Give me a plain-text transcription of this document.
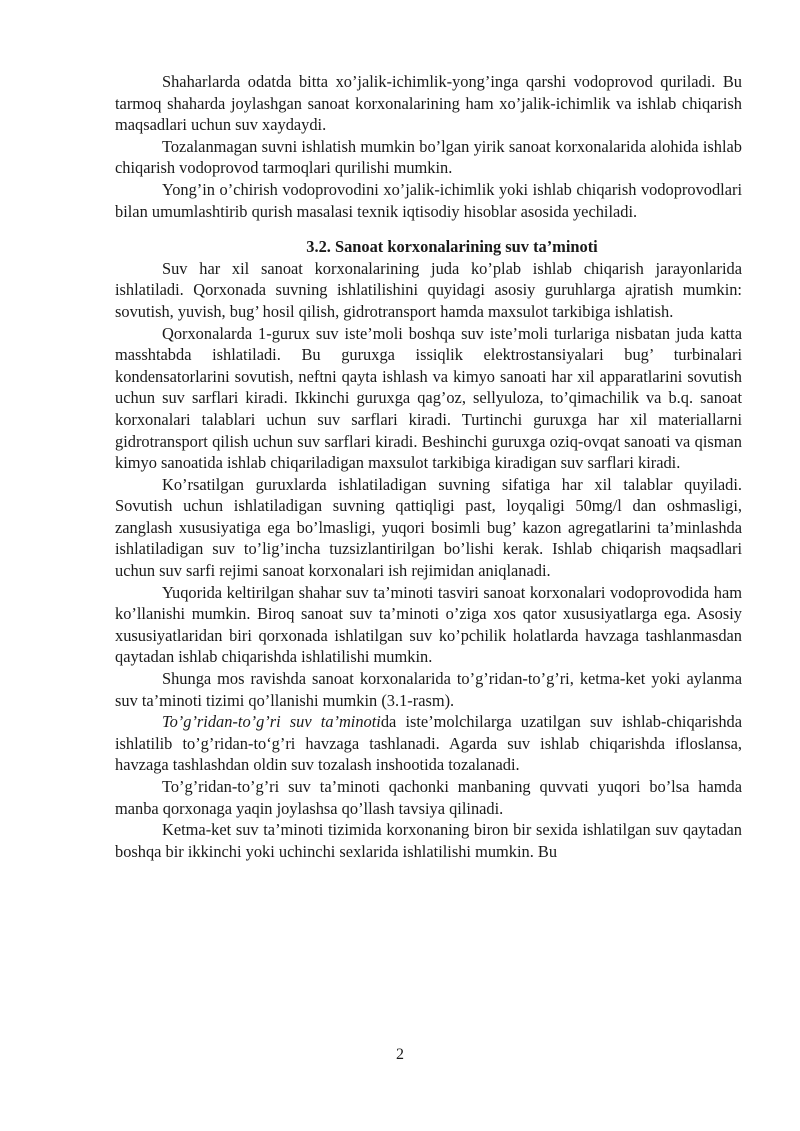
Shaharlarda odatda bitta xo’jalik-ichimlik-yong’inga qarshi vodoprovod quriladi. Bu tarmoq shaharda joylashgan sanoat korxonalarining ham xo’jalik-ichimlik va ishlab chiqarish maqsadlari uchun suv xaydaydi.

Tozalanmagan suvni ishlatish mumkin bo’lgan yirik sanoat korxonalarida alohida ishlab chiqarish vodoprovod tarmoqlari qurilishi mumkin.

Yong’in o’chirish vodoprovodini xo’jalik-ichimlik yoki ishlab chiqarish vodoprovodlari bilan umumlashtirib qurish masalasi texnik iqtisodiy hisoblar asosida yechiladi.

3.2. Sanoat korxonalarining suv ta’minoti

Suv har xil sanoat korxonalarining juda ko’plab ishlab chiqarish jarayonlarida ishlatiladi. Qorxonada suvning ishlatilishini quyidagi asosiy guruhlarga ajratish mumkin: sovutish, yuvish, bug’ hosil qilish, gidrotransport hamda maxsulot tarkibiga ishlatish.

Qorxonalarda 1-gurux suv iste’moli boshqa suv iste’moli turlariga nisbatan juda katta masshtabda ishlatiladi. Bu guruxga issiqlik elektrostansiyalari bug’ turbinalari kondensatorlarini sovutish, neftni qayta ishlash va kimyo sanoati har xil apparatlarini sovutish uchun suv sarflari kiradi. Ikkinchi guruxga qag’oz, sellyuloza, to’qimachilik va b.q. sanoat korxonalari talablari uchun suv sarflari kiradi. Turtinchi guruxga har xil materiallarni gidrotransport qilish uchun suv sarflari kiradi. Beshinchi guruxga oziq-ovqat sanoati va qisman kimyo sanoatida ishlab chiqariladigan maxsulot tarkibiga kiradigan suv sarflari kiradi.

Ko’rsatilgan guruxlarda ishlatiladigan suvning sifatiga har xil talablar quyiladi. Sovutish uchun ishlatiladigan suvning qattiqligi past, loyqaligi 50mg/l dan oshmasligi, zanglash xususiyatiga ega bo’lmasligi, yuqori bosimli bug’ kazon agregatlarini ta’minlashda ishlatiladigan suv to’lig’incha tuzsizlantirilgan bo’lishi kerak. Ishlab chiqarish maqsadlari uchun suv sarfi rejimi sanoat korxonalari ish rejimidan aniqlanadi.

Yuqorida keltirilgan shahar suv ta’minoti tasviri sanoat korxonalari vodoprovodida ham ko’llanishi mumkin. Biroq sanoat suv ta’minoti o’ziga xos qator xususiyatlarga ega. Asosiy xususiyatlaridan biri qorxonada ishlatilgan suv ko’pchilik holatlarda havzaga tashlanmasdan qaytadan ishlab chiqarishda ishlatilishi mumkin.

Shunga mos ravishda sanoat korxonalarida to’g’ridan-to’g’ri, ketma-ket yoki aylanma suv ta’minoti tizimi qo’llanishi mumkin (3.1-rasm).

To’g’ridan-to’g’ri suv ta’minotida iste’molchilarga uzatilgan suv ishlab-chiqarishda ishlatilib to’g’ridan-to‘g’ri havzaga tashlanadi. Agarda suv ishlab chiqarishda ifloslansa, havzaga tashlashdan oldin suv tozalash inshootida tozalanadi.

To’g’ridan-to’g’ri suv ta’minoti qachonki manbaning quvvati yuqori bo’lsa hamda manba qorxonaga yaqin joylashsa qo’llash tavsiya qilinadi.

Ketma-ket suv ta’minoti tizimida korxonaning biron bir sexida ishlatilgan suv qaytadan boshqa bir ikkinchi yoki uchinchi sexlarida ishlatilishi mumkin. Bu

2
